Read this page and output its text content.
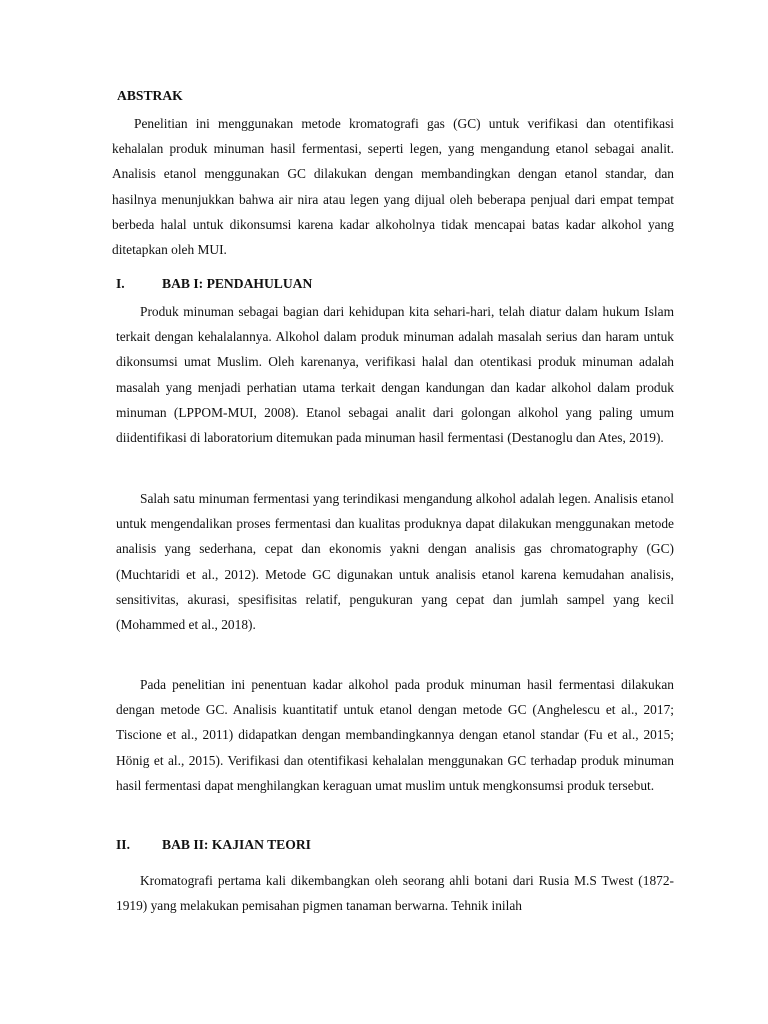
ABSTRAK

Penelitian ini menggunakan metode kromatografi gas (GC) untuk verifikasi dan otentifikasi kehalalan produk minuman hasil fermentasi, seperti legen, yang mengandung etanol sebagai analit. Analisis etanol menggunakan GC dilakukan dengan membandingkan dengan etanol standar, dan hasilnya menunjukkan bahwa air nira atau legen yang dijual oleh beberapa penjual dari empat tempat berbeda halal untuk dikonsumsi karena kadar alkoholnya tidak mencapai batas kadar alkohol yang ditetapkan oleh MUI.

I.	BAB I: PENDAHULUAN

Produk minuman sebagai bagian dari kehidupan kita sehari-hari, telah diatur dalam hukum Islam terkait dengan kehalalannya. Alkohol dalam produk minuman adalah masalah serius dan haram untuk dikonsumsi umat Muslim. Oleh karenanya, verifikasi halal dan otentikasi produk minuman adalah masalah yang menjadi perhatian utama terkait dengan kandungan dan kadar alkohol dalam produk minuman (LPPOM-MUI, 2008). Etanol sebagai analit dari golongan alkohol yang paling umum diidentifikasi di laboratorium ditemukan pada minuman hasil fermentasi (Destanoglu dan Ates, 2019).

Salah satu minuman fermentasi yang terindikasi mengandung alkohol adalah legen. Analisis etanol untuk mengendalikan proses fermentasi dan kualitas produknya dapat dilakukan menggunakan metode analisis yang sederhana, cepat dan ekonomis yakni dengan analisis gas chromatography (GC) (Muchtaridi et al., 2012). Metode GC digunakan untuk analisis etanol karena kemudahan analisis, sensitivitas, akurasi, spesifisitas relatif, pengukuran yang cepat dan jumlah sampel yang kecil (Mohammed et al., 2018).

Pada penelitian ini penentuan kadar alkohol pada produk minuman hasil fermentasi dilakukan dengan metode GC. Analisis kuantitatif untuk etanol dengan metode GC (Anghelescu et al., 2017; Tiscione et al., 2011) didapatkan dengan membandingkannya dengan etanol standar (Fu et al., 2015; Hönig et al., 2015). Verifikasi dan otentifikasi kehalalan menggunakan GC terhadap produk minuman hasil fermentasi dapat menghilangkan keraguan umat muslim untuk mengkonsumsi produk tersebut.

II. BAB II: KAJIAN TEORI

Kromatografi pertama kali dikembangkan oleh seorang ahli botani dari Rusia M.S Twest (1872-1919) yang melakukan pemisahan pigmen tanaman berwarna. Tehnik inilah
